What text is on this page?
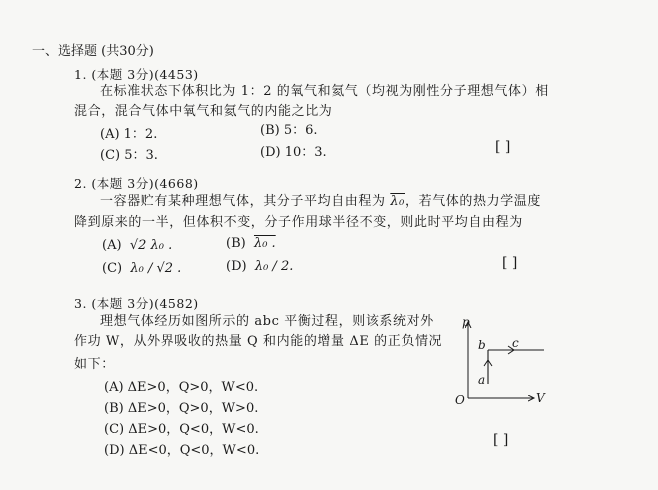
一、选择题 (共30分)
1. (本题 3分)(4453)
在标准状态下体积比为 1：2 的氧气和氦气（均视为刚性分子理想气体）相
混合，混合气体中氧气和氦气的内能之比为
(A) 1：2.	(B) 5：6.
(C) 5：3.	(D) 10：3.	[ ]
2. (本题 3分)(4668)
一容器贮有某种理想气体，其分子平均自由程为 λ₀，若气体的热力学温度
降到原来的一半，但体积不变，分子作用球半径不变，则此时平均自由程为
(A) √2 λ₀ .	(B) λ₀ .
(C) λ₀ / √2 .	(D) λ₀ / 2.	[ ]
3. (本题 3分)(4582)
理想气体经历如图所示的 abc 平衡过程，则该系统对外
作功 W，从外界吸收的热量 Q 和内能的增量 ΔE 的正负情况
如下：
(A) ΔE>0，Q>0，W<0.
(B) ΔE>0，Q>0，W>0.
(C) ΔE>0，Q<0，W<0.
(D) ΔE<0，Q<0，W<0.
[ ]
p
V
O
a
b c
